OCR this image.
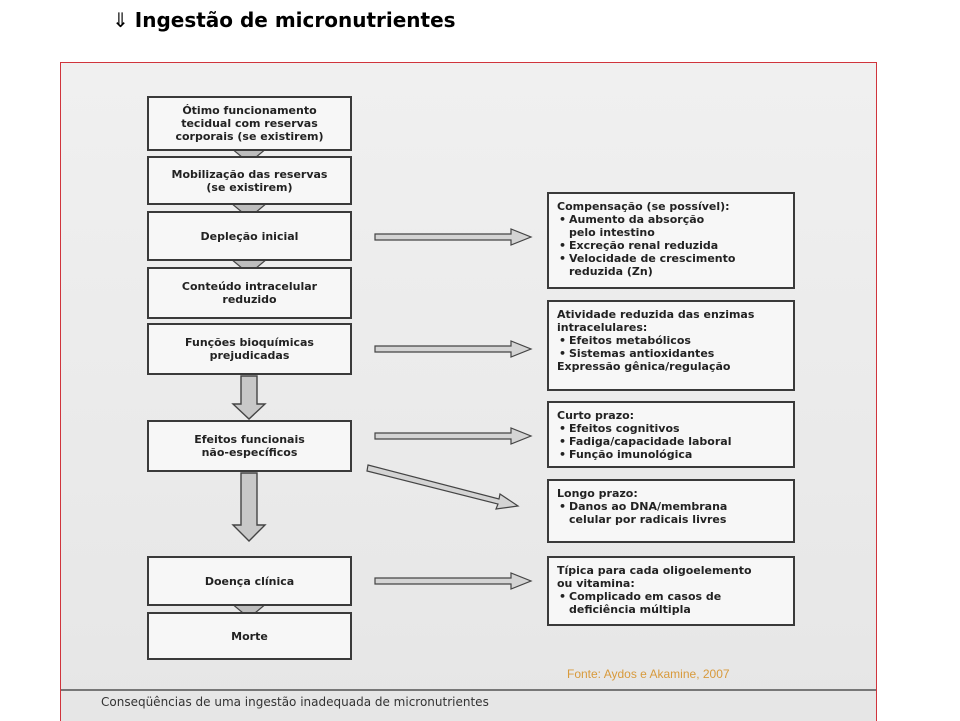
⇓ Ingestão de micronutrientes
Ótimo funcionamento
tecidual com reservas
corporais (se existirem)
Mobilização das reservas
(se existirem)
Depleção inicial
Conteúdo intracelular
reduzido
Funções bioquímicas
prejudicadas
Efeitos funcionais
não-específicos
Doença clínica
Morte
Compensação (se possível):
• Aumento da absorção
pelo intestino
• Excreção renal reduzida
• Velocidade de crescimento
reduzida (Zn)
Atividade reduzida das enzimas
intracelulares:
• Efeitos metabólicos
• Sistemas antioxidantes
Expressão gênica/regulação
Curto prazo:
• Efeitos cognitivos
• Fadiga/capacidade laboral
• Função imunológica
Longo prazo:
• Danos ao DNA/membrana
celular por radicais livres
Típica para cada oligoelemento
ou vitamina:
• Complicado em casos de
deficiência múltipla
Fonte: Aydos e Akamine, 2007
Conseqüências de uma ingestão inadequada de micronutrientes
